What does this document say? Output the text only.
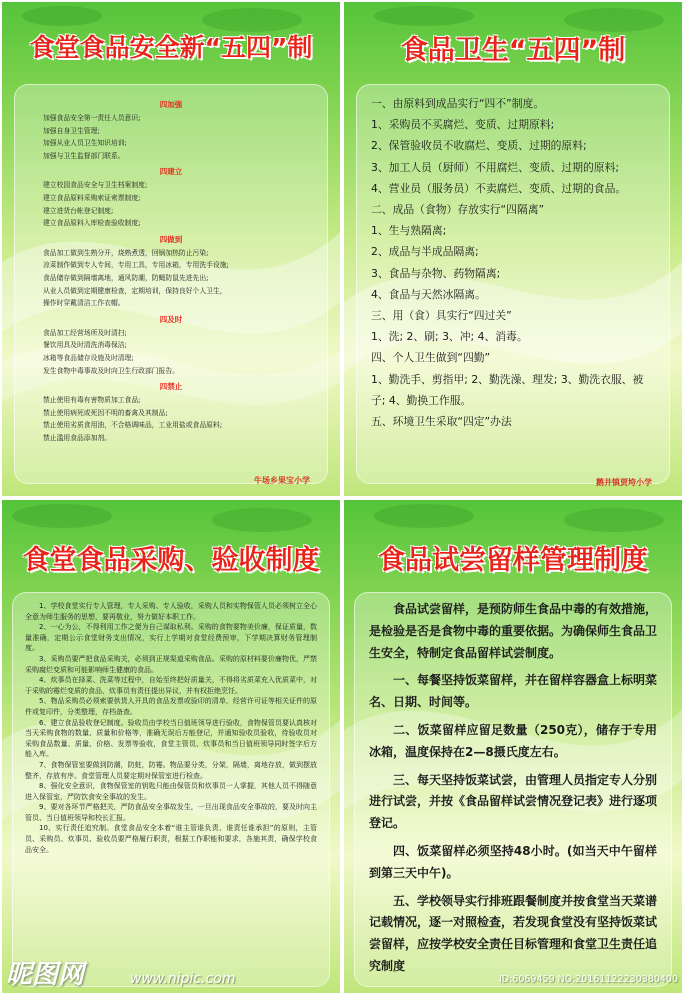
食堂食品安全新“五四”制
四加强
加强食品安全第一责任人员意识;
加强自身卫生管理;
加强从业人员卫生知识培训;
加强与卫生监督部门联系。
四建立
建立校园食品安全与卫生档案制度;
建立食品原料采购索证索票制度;
建立进货台帐登记制度;
建立食品原料入库检查验收制度;
四做到
食品加工做到生熟分开，烧熟煮透，回锅加热防止污染;
凉菜制作做到专人专间，专用工具，专用冰箱，专用洗手设施;
食品储存做到隔墙离地，通风防潮，防蝇防鼠先进先出;
从业人员做到定期健康检查，定期培训，保持良好个人卫生，
操作时穿戴清洁工作衣帽。
四及时
食品加工经营场所及时清扫;
餐饮用具及时清洗消毒保洁;
冰箱等食品储存设施及时清理;
发生食物中毒事故及时向卫生行政部门报告。
四禁止
禁止使用有毒有害物质加工食品;
禁止使用病死或死因不明的畜禽及其制品;
禁止使用劣质食用油，不合格调味品，工业用盐或食品原料;
禁止滥用食品添加剂。
牛场乡果宝小学
食品卫生“五四”制
一、由原料到成品实行“四不”制度。
1、采购员不买腐烂、变质、过期原料;
2、保管验收员不收腐烂、变质、过期的原料;
3、加工人员（厨师）不用腐烂、变质、过期的原料;
4、营业员（服务员）不卖腐烂、变质、过期的食品。
二、成品（食物）存放实行“四隔离”
1、生与熟隔离;
2、成品与半成品隔离;
3、食品与杂物、药物隔离;
4、食品与天然冰隔离。
三、用（食）具实行“四过关”
1、洗; 2、刷; 3、冲; 4、消毒。
四、个人卫生做到“四勤”
1、勤洗手、剪指甲; 2、勤洗澡、理发; 3、勤洗衣服、被子; 4、勤换工作服。
五、环境卫生采取“四定”办法
鹅井镇贾垮小学
食堂食品采购、验收制度

1、学校食堂实行专人管理，专人采购、专人验收，采购人员和实物保管人员必须树立全心全意为师生服务的思想，要再敬业，努力做好本职工作。

2、一心为公，不得利用工作之便为自己谋取私利。采购的食物要物美价廉，保证质量，数量准确，定期公示食堂财务支出情况，实行上学期对食堂经费预审，下学期决算财务管理制度。

3、采购员要严把食品采购关，必须到正规渠道采购食品。采购的原材料要价廉物优，严禁采购腐烂变质和可能影响师生健康的食品。

4、炊事员在择菜、洗菜等过程中，自始至终把好质量关，不得将劣质菜充入优质菜中，对于采购的霉烂变质的食品，炊事员有责任提出异议，并有权拒绝烹饪。

5、物品采购员必须索要供货人开具的食品发票或验印的清单，经营许可证等相关证件的原件或复印件，分类整理，存档备查。

6、建立食品验收登记制度。验收员由学校当日值班领导进行验收，食物保管员要认真核对当天采购食物的数量、质量和价格等，准确无误后方能登记，并通知验收员验收，待验收员对采购食品数量、质量、价格、发票等验收，食堂主管员、炊事员和当日值班领导同时签字后方能入库。

7、食物保管室要做到防潮，防蛀，防霉。物品要分类，分架，隔墙，离地存放，做到摆放整齐，存放有序。食堂管理人员要定期对保管室进行检查。

8、强化安全意识，食物保管室的钥匙只能由保管员和炊事员一人掌握，其他人员不得随意进入保管室，严防饮食安全事故的发生。

9、要对各环节严格把关，严防食品安全事故发生，一旦出现食品安全事故的，要及时向主管员、当日值班领导和校长汇报。

10、实行责任追究制。食堂食品安全本着“谁主管谁负责、谁责任谁承担”的原则，主管员、采购员、炊事员、验收员要严格履行职责，根据工作职能和要求，各施其责，确保学校食品安全。

食品试尝留样管理制度

食品试尝留样，是预防师生食品中毒的有效措施，是检验是否是食物中毒的重要依据。为确保师生食品卫生安全，特制定食品留样试尝制度。

一、每餐坚持饭菜留样，并在留样容器盒上标明菜名、日期、时间等。

二、饭菜留样应留足数量（250克），储存于专用冰箱，温度保持在2—8摄氏度左右。

三、每天坚持饭菜试尝，由管理人员指定专人分别进行试尝，并按《食品留样试尝情况登记表》进行逐项登记。

四、饭菜留样必须坚持48小时。(如当天中午留样到第三天中午)。

五、学校领导实行排班跟餐制度并按食堂当天菜谱记载情况，逐一对照检查，若发现食堂没有坚持饭菜试尝留样，应按学校安全责任目标管理和食堂卫生责任追究制度

昵图网	www.nipic.com	ID:6069459 NO:20161122230380400
